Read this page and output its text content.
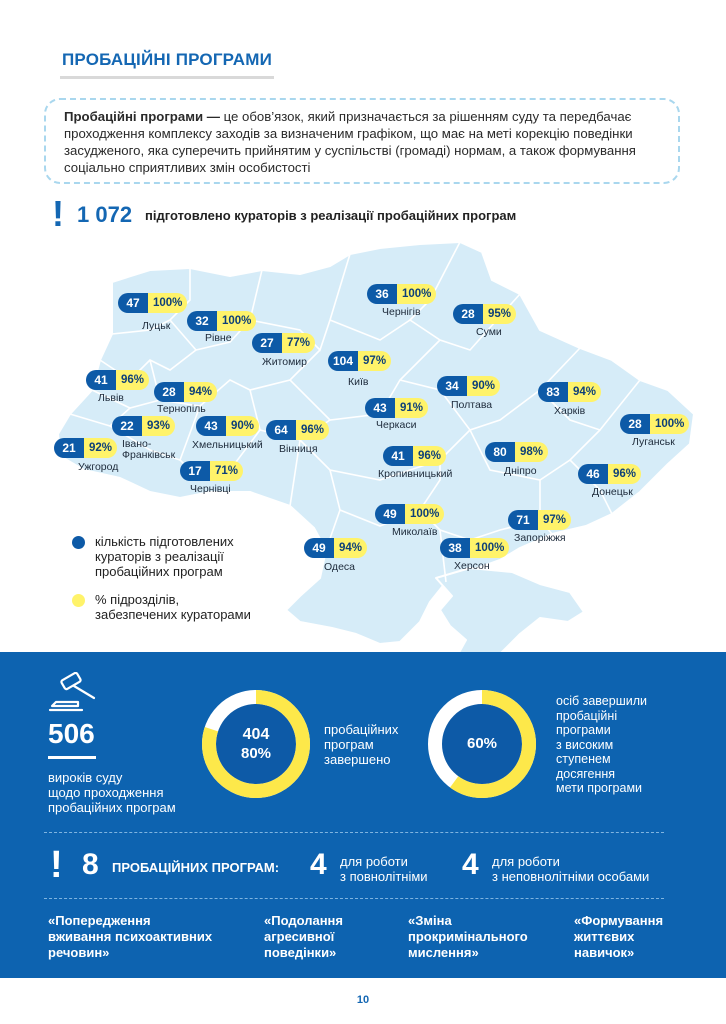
ПРОБАЦІЙНІ ПРОГРАМИ
Пробаційні програми — це обов’язок, який призначається за рішенням суду та передбачає проходження комплексу заходів за визначеним графіком, що має на меті корекцію поведінки засудженого, яка суперечить прийнятим у суспільстві (громаді) нормам, а також формування соціально сприятливих змін особистості
! 1 072 підготовлено кураторів з реалізації пробаційних програм
47	100%
Луцьк	32	100%
Рівне	27	77%
Житомир
36	100%
Чернігів	28	95%
Суми
104 97%
Київ
41	96%
Львів	28	94%
Тернопіль
34	90%
Полтава
83	94%
Харків
43	91%
Черкаси
22	93%
Івано-
Франківськ
43	90%
Хмельницький
64	96%
Вінниця
28	100%
Луганськ
21	92%
Ужгород
41	96%
Кропивницький
80	98%
Дніпро
17	71%
Чернівці
46	96%
Донецьк
49	100%
Миколаїв
71	97%
Запоріжжя
49	94%
Одеса
38	100%
Херсон
кількість підготовлених
кураторів з реалізації
пробаційних програм
% підрозділів,
забезпечених кураторами
506
вироків суду
щодо проходження
пробаційних програм
404
80%
пробаційних
програм
завершено
60%
осіб завершили
пробаційні
програми
з високим
ступенем
досягення
мети програми
! 8 ПРОБАЦІЙНИХ ПРОГРАМ: 4 для роботи
з повнолітніми 4 для роботи
з неповнолітніми особами
«Попередження
вживання психоактивних
речовин»
«Подолання
агресивної
поведінки»
«Зміна
прокримінального
мислення»
«Формування
життєвих
навичок»
10
